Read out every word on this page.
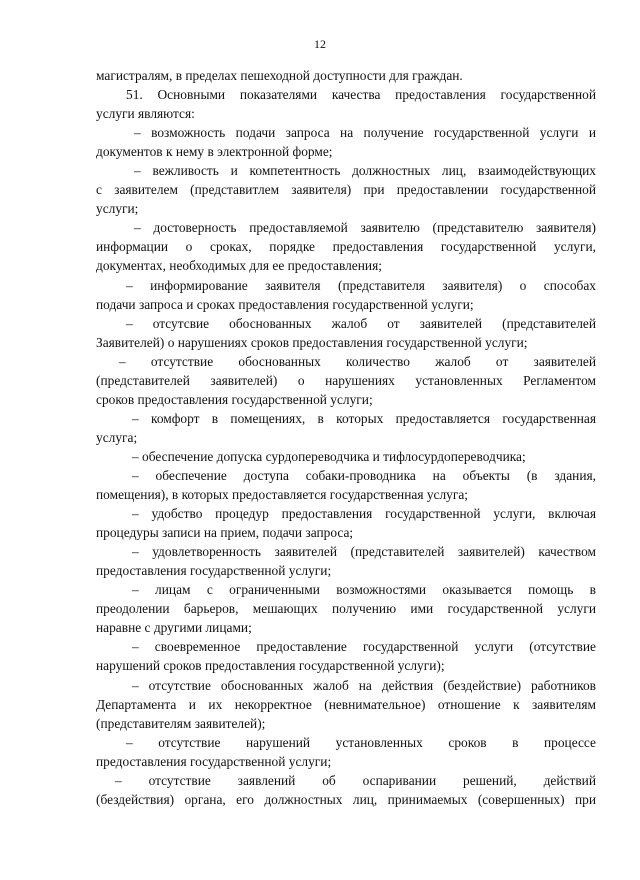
12
магистралям, в пределах пешеходной доступности для граждан.
51. Основными показателями качества предоставления государственной
услуги являются:
– возможность подачи запроса на получение государственной услуги и
документов к нему в электронной форме;
– вежливость и компетентность должностных лиц, взаимодействующих
с заявителем (представитлем заявителя) при предоставлении государственной
услуги;
– достоверность предоставляемой заявителю (представителю заявителя)
информации о сроках, порядке предоставления государственной услуги,
документах, необходимых для ее предоставления;
– информирование заявителя (представителя заявителя) о способах
подачи запроса и сроках предоставления государственной услуги;
– отсутсвие обоснованных жалоб от заявителей (представителей
Заявителей) о нарушениях сроков предоставления государственной услуги;
– отсутствие обоснованных количество жалоб от заявителей
(представителей заявителей) о нарушениях установленных Регламентом
сроков предоставления государственной услуги;
– комфорт в помещениях, в которых предоставляется государственная
услуга;
– обеспечение допуска сурдопереводчика и тифлосурдопереводчика;
– обеспечение доступа собаки-проводника на объекты (в здания,
помещения), в которых предоставляется государственная услуга;
– удобство процедур предоставления государственной услуги, включая
процедуры записи на прием, подачи запроса;
– удовлетворенность заявителей (представителей заявителей) качеством
предоставления государственной услуги;
– лицам с ограниченными возможностями оказывается помощь в
преодолении барьеров, мешающих получению ими государственной услуги
наравне с другими лицами;
– своевременное предоставление государственной услуги (отсутствие
нарушений сроков предоставления государственной услуги);
– отсутствие обоснованных жалоб на действия (бездействие) работников
Департамента и их некорректное (невнимательное) отношение к заявителям
(представителям заявителей);
– отсутствие нарушений установленных сроков в процессе
предоставления государственной услуги;
– отсутствие заявлений об оспаривании решений, действий
(бездействия) органа, его должностных лиц, принимаемых (совершенных) при
